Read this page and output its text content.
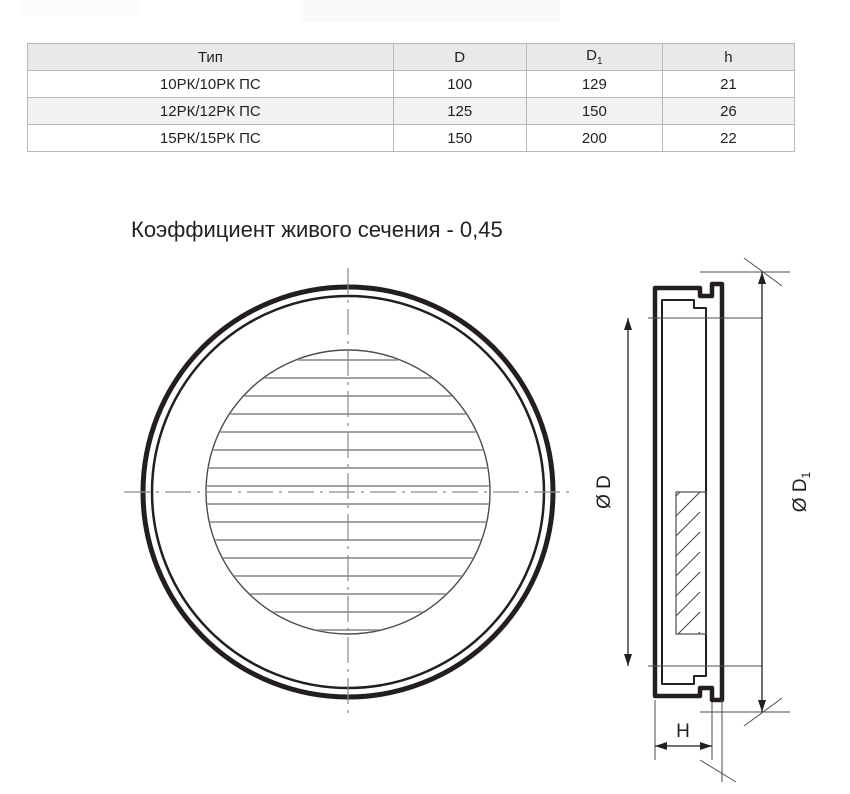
Тип	D	$D_1$	h
10РК/10РК ПС	100	129	21
12РК/12РК ПС	125	150	26
15РК/15РК ПС	150	200	22
Коэффициент живого сечения - 0,45
Ø D	Ø $D_1$
H
